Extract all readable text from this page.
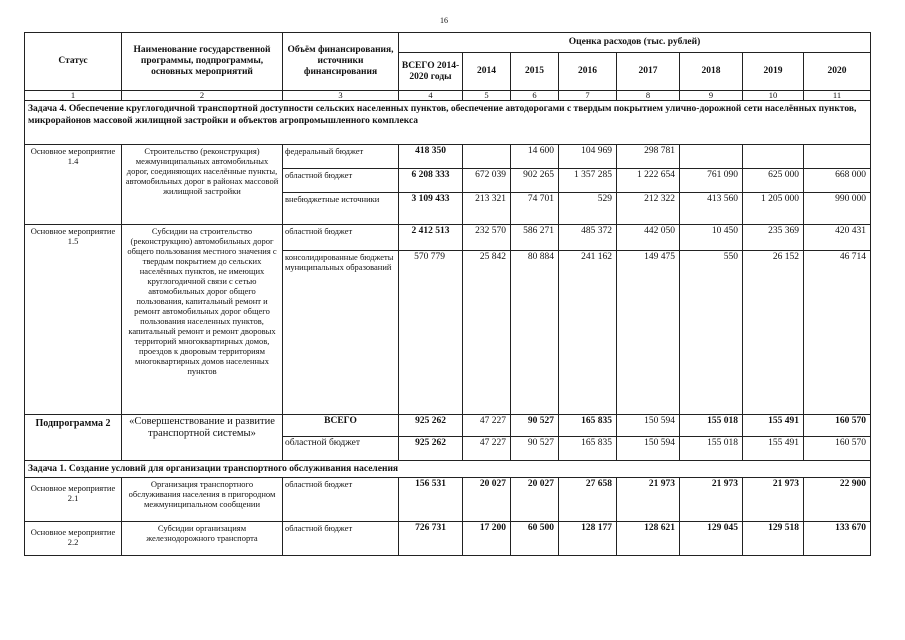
16
Статус	Наименование государственной программы, подпрограммы, основных мероприятий	Объём финансирования, источники финансирования	Оценка расходов (тыс. рублей)							
			ВСЕГО 2014-2020 годы	2014	2015	2016	2017	2018	2019	2020
1	2	3	4	5	6	7	8	9	10	11
Задача 4. Обеспечение круглогодичной транспортной доступности сельских населенных пунктов, обеспечение автодорогами с твердым покрытием улично-дорожной сети населённых пунктов, микрорайонов массовой жилищной застройки и объектов агропромышленного комплекса										
Основное мероприятие 1.4	Строительство (реконструкция) межмуниципальных автомобильных дорог, соединяющих населённые пункты, автомобильных дорог в районах массовой жилищной застройки	федеральный бюджет	418 350		14 600	104 969	298 781			
		областной бюджет	6 208 333	672 039	902 265	1 357 285	1 222 654	761 090	625 000	668 000
		внебюджетные источники	3 109 433	213 321	74 701	529	212 322	413 560	1 205 000	990 000
Основное мероприятие 1.5	Субсидии на строительство (реконструкцию) автомобильных дорог общего пользования местного значения с твердым покрытием до сельских населённых пунктов, не имеющих круглогодичной связи с сетью автомобильных дорог общего пользования, капитальный ремонт и ремонт автомобильных дорог общего пользования населенных пунктов, капитальный ремонт и ремонт дворовых территорий многоквартирных домов, проездов к дворовым территориям многоквартирных домов населенных пунктов	областной бюджет	2 412 513	232 570	586 271	485 372	442 050	10 450	235 369	420 431
		консолидированные бюджеты муниципальных образований	570 779	25 842	80 884	241 162	149 475	550	26 152	46 714
Подпрограмма 2	«Совершенствование и развитие транспортной системы»	ВСЕГО	925 262	47 227	90 527	165 835	150 594	155 018	155 491	160 570
		областной бюджет	925 262	47 227	90 527	165 835	150 594	155 018	155 491	160 570
Задача 1. Создание условий для организации транспортного обслуживания населения										
Основное мероприятие 2.1	Организация транспортного обслуживания населения в пригородном межмуниципальном сообщении	областной бюджет	156 531	20 027	20 027	27 658	21 973	21 973	21 973	22 900
Основное мероприятие 2.2	Субсидии организациям железнодорожного транспорта	областной бюджет	726 731	17 200	60 500	128 177	128 621	129 045	129 518	133 670
